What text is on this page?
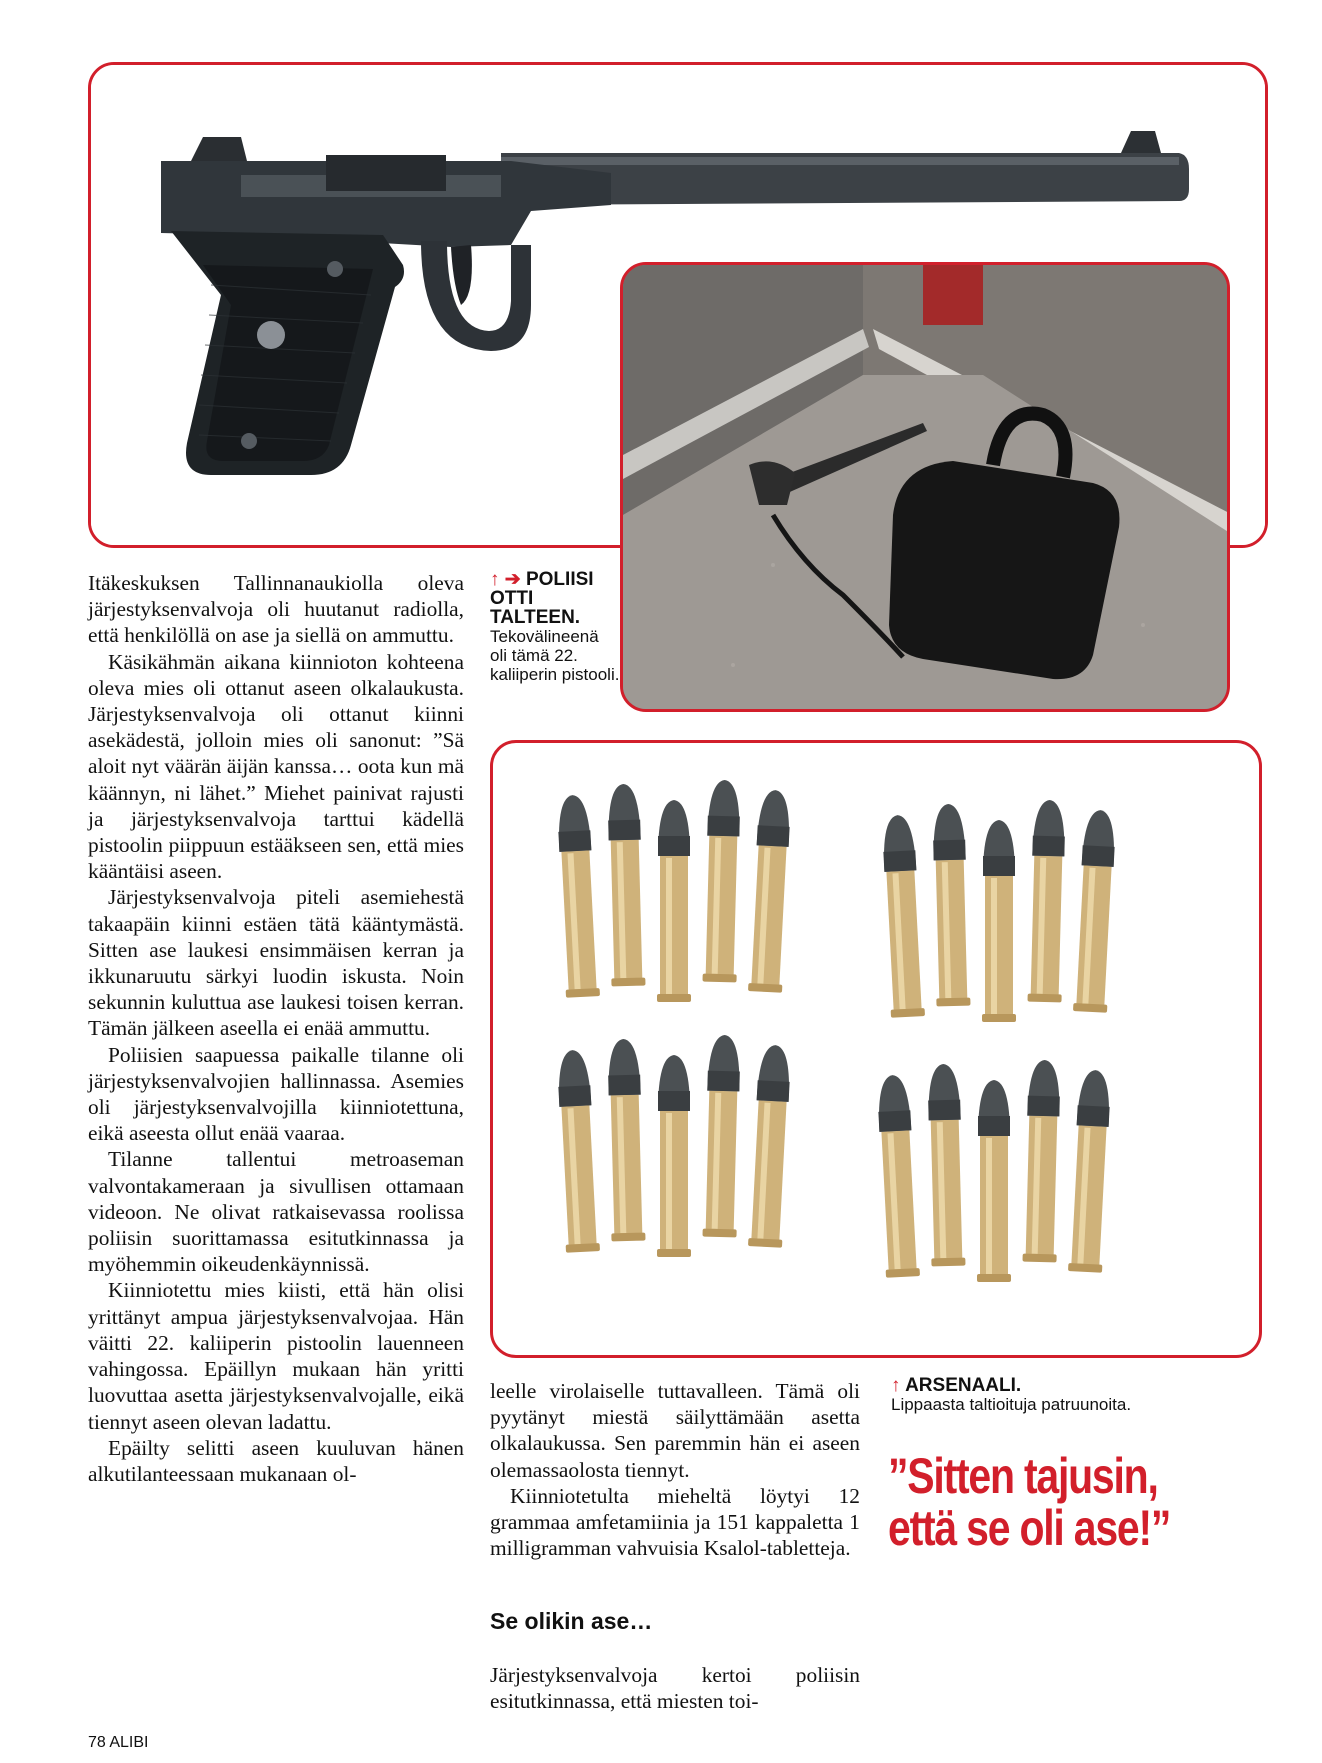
↑ ➔ POLIISI OTTI TALTEEN.
Tekovälineenä oli tämä 22. kaliiperin pistooli.

Itäkeskuksen Tallinnanaukiolla oleva järjestyksenvalvoja oli huutanut radiolla, että henkilöllä on ase ja siellä on ammuttu.

Käsikähmän aikana kiinnioton kohteena oleva mies oli ottanut aseen olkalaukusta. Järjestyksenvalvoja oli ottanut kiinni asekädestä, jolloin mies oli sanonut: ”Sä aloit nyt väärän äijän kanssa… oota kun mä käännyn, ni lähet.” Miehet painivat rajusti ja järjestyksenvalvoja tarttui kädellä pistoolin piippuun estääkseen sen, että mies kääntäisi aseen.

Järjestyksenvalvoja piteli asemiehestä takaapäin kiinni estäen tätä kääntymästä. Sitten ase laukesi ensimmäisen kerran ja ikkunaruutu särkyi luodin iskusta. Noin sekunnin kuluttua ase laukesi toisen kerran. Tämän jälkeen aseella ei enää ammuttu.

Poliisien saapuessa paikalle tilanne oli järjestyksenvalvojien hallinnassa. Asemies oli järjestyksenvalvojilla kiinniotettuna, eikä aseesta ollut enää vaaraa.

Tilanne tallentui metroaseman valvontakameraan ja sivullisen ottamaan videoon. Ne olivat ratkaisevassa roolissa poliisin suorittamassa esitutkinnassa ja myöhemmin oikeudenkäynnissä.

Kiinniotettu mies kiisti, että hän olisi yrittänyt ampua järjestyksenvalvojaa. Hän väitti 22. kaliiperin pistoolin lauenneen vahingossa. Epäillyn mukaan hän yritti luovuttaa asetta järjestyksenvalvojalle, eikä tiennyt aseen olevan ladattu.

Epäilty selitti aseen kuuluvan hänen alkutilanteessaan mukanaan ol-

leelle virolaiselle tuttavalleen. Tämä oli pyytänyt miestä säilyttämään asetta olkalaukussa. Sen paremmin hän ei aseen olemassaolosta tiennyt.

Kiinniotetulta mieheltä löytyi 12 grammaa amfetamiinia ja 151 kappaletta 1 milligramman vahvuisia Ksalol-tabletteja.

Se olikin ase…

Järjestyksenvalvoja kertoi poliisin esitutkinnassa, että miesten toi-

↑ ARSENAALI.
Lippaasta taltioituja patruunoita.
”Sitten tajusin,
että se oli ase!”
78 ALIBI
